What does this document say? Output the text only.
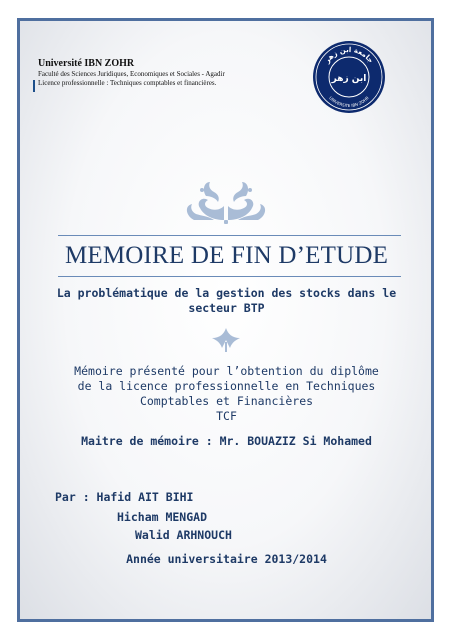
Université IBN ZOHR
Faculté des Sciences Juridiques, Economiques et Sociales - Agadir
Licence professionnelle : Techniques comptables et financières.
جامعة ابن زهر
UNIVERSITE IBN ZOHR
ابن زهر
MEMOIRE DE FIN D’ETUDE
La problématique de la gestion des stocks dans le
secteur BTP
Mémoire présenté pour l’obtention du diplôme
de la licence professionnelle en Techniques
Comptables et Financières
TCF
Maitre de mémoire : Mr. BOUAZIZ Si Mohamed
Par : Hafid AIT BIHI
Hicham MENGAD
Walid ARHNOUCH
Année universitaire 2013/2014
